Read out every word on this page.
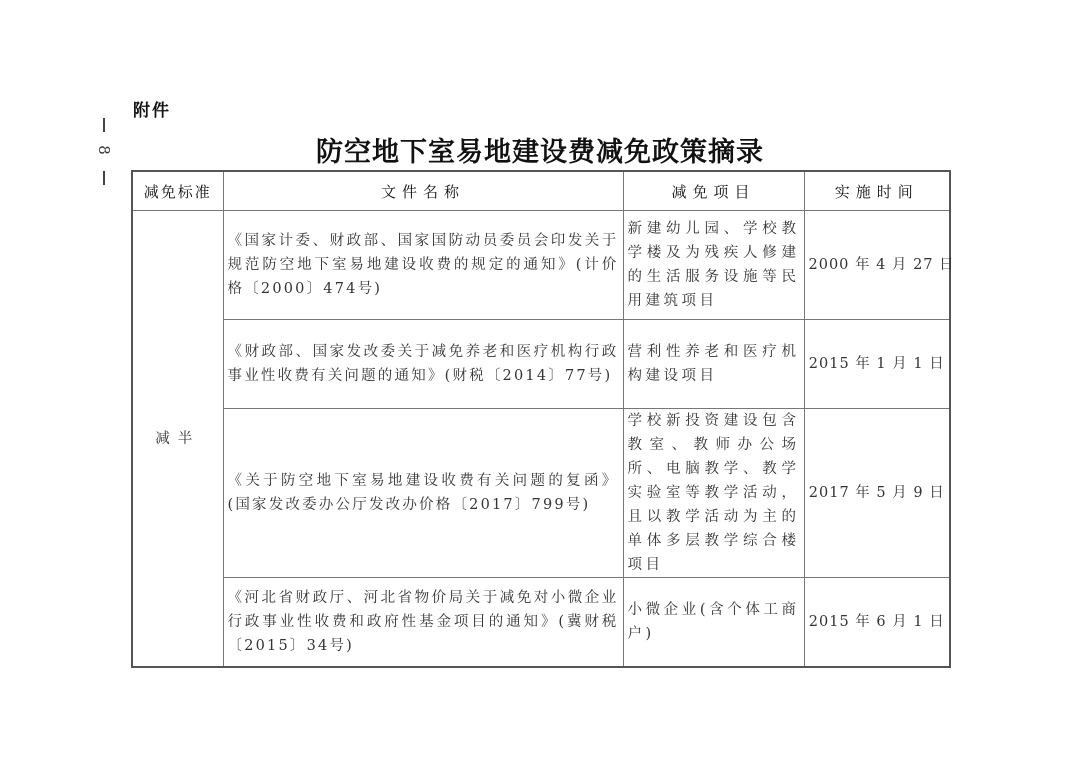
附件
8	防空地下室易地建设费减免政策摘录
减免标准	文件名称	减免项目	实施时间
减半	《国家计委、财政部、国家国防动员委员会印发关于规范防空地下室易地建设收费的规定的通知》(计价格〔2000〕474号)	新建幼儿园、学校教学楼及为残疾人修建的生活服务设施等民用建筑项目	2000 年 4 月 27 日
	《财政部、国家发改委关于减免养老和医疗机构行政事业性收费有关问题的通知》(财税〔2014〕77号)	营利性养老和医疗机构建设项目	2015 年 1 月 1 日
	《关于防空地下室易地建设收费有关问题的复函》(国家发改委办公厅发改办价格〔2017〕799号)	学校新投资建设包含教室、教师办公场所、电脑教学、教学实验室等教学活动，且以教学活动为主的单体多层教学综合楼项目	2017 年 5 月 9 日
	《河北省财政厅、河北省物价局关于减免对小微企业行政事业性收费和政府性基金项目的通知》(冀财税〔2015〕34号)	小微企业(含个体工商户)	2015 年 6 月 1 日
